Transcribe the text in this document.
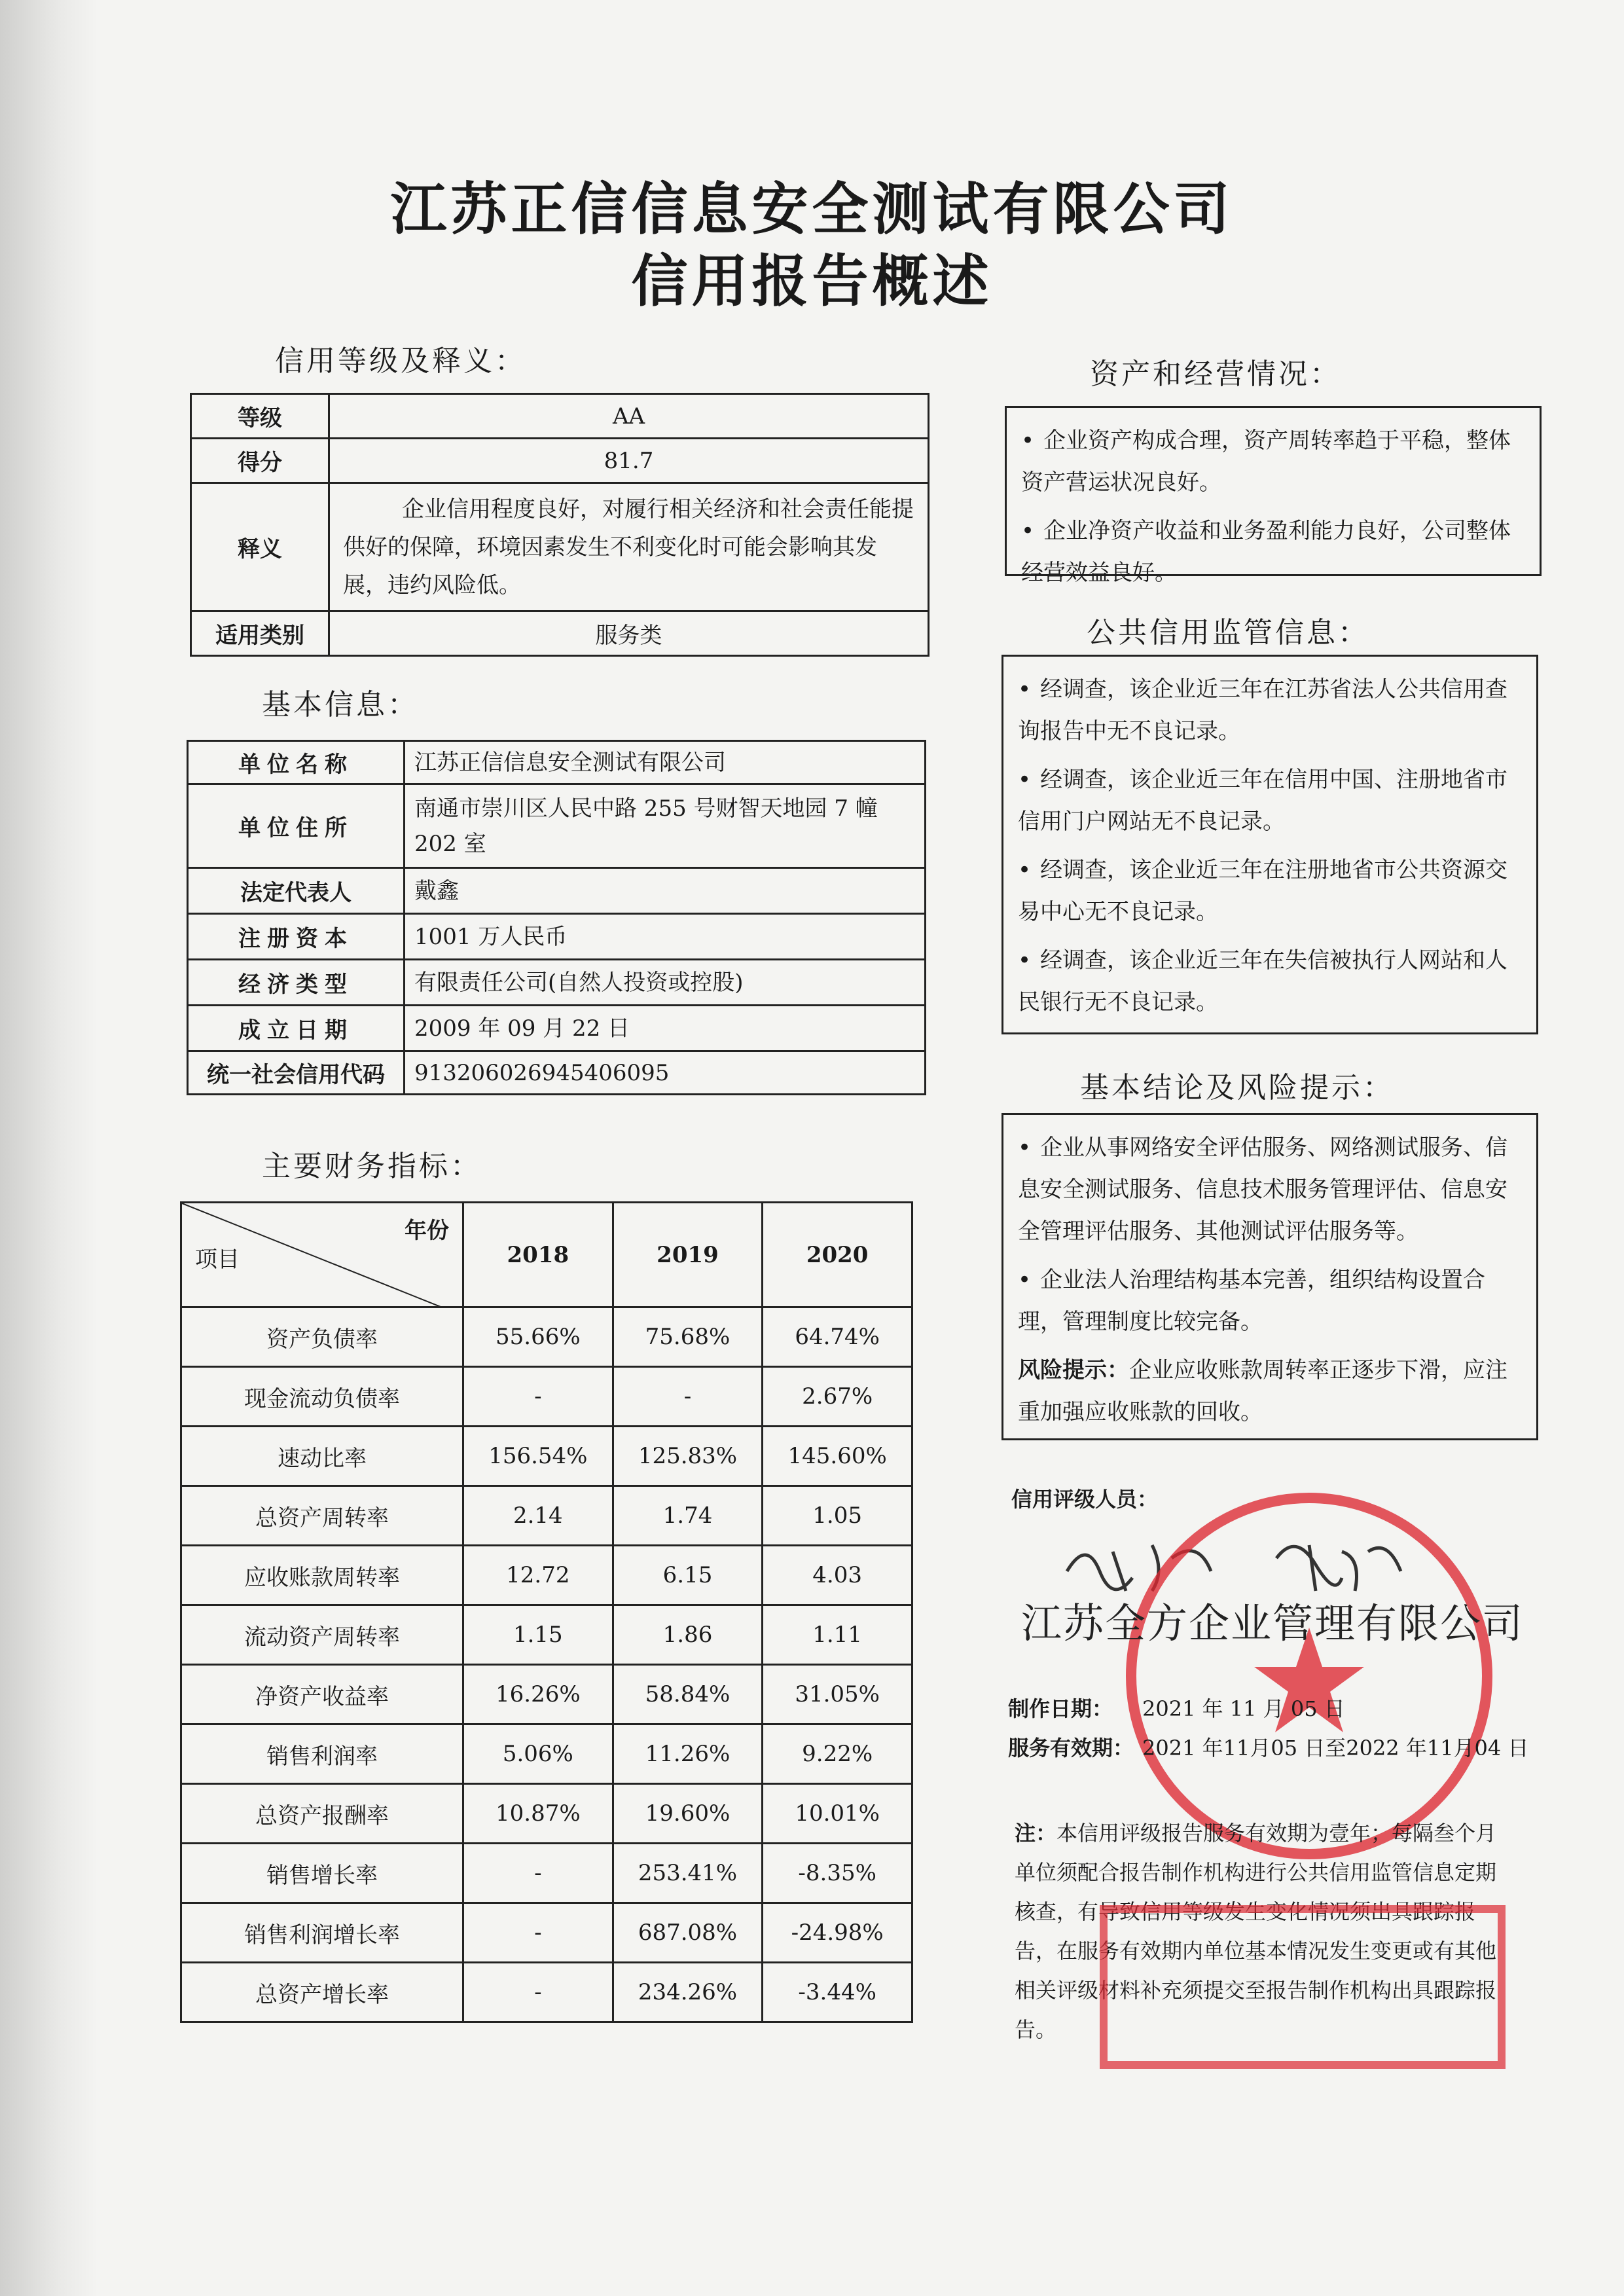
江苏正信信息安全测试有限公司
信用报告概述
信用等级及释义：
等级	AA
得分	81.7
释义	企业信用程度良好，对履行相关经济和社会责任能提供好的保障，环境因素发生不利变化时可能会影响其发展，违约风险低。
适用类别	服务类
基本信息：
单位名称	江苏正信信息安全测试有限公司
单位住所	南通市崇川区人民中路 255 号财智天地园 7 幢 202 室
法定代表人	戴鑫
注册资本	1001 万人民币
经济类型	有限责任公司(自然人投资或控股)
成立日期	2009 年 09 月 22 日
统一社会信用代码	913206026945406095
主要财务指标：
年份
项目	2018	2019	2020
资产负债率	55.66%	75.68%	64.74%
现金流动负债率	-	-	2.67%
速动比率	156.54%	125.83%	145.60%
总资产周转率	2.14	1.74	1.05
应收账款周转率	12.72	6.15	4.03
流动资产周转率	1.15	1.86	1.11
净资产收益率	16.26%	58.84%	31.05%
销售利润率	5.06%	11.26%	9.22%
总资产报酬率	10.87%	19.60%	10.01%
销售增长率	-	253.41%	-8.35%
销售利润增长率	-	687.08%	-24.98%
总资产增长率	-	234.26%	-3.44%
资产和经营情况：

• 企业资产构成合理，资产周转率趋于平稳，整体资产营运状况良好。

• 企业净资产收益和业务盈利能力良好，公司整体经营效益良好。

公共信用监管信息：

• 经调查，该企业近三年在江苏省法人公共信用查询报告中无不良记录。

• 经调查，该企业近三年在信用中国、注册地省市信用门户网站无不良记录。

• 经调查，该企业近三年在注册地省市公共资源交易中心无不良记录。

• 经调查，该企业近三年在失信被执行人网站和人民银行无不良记录。

基本结论及风险提示：

• 企业从事网络安全评估服务、网络测试服务、信息安全测试服务、信息技术服务管理评估、信息安全管理评估服务、其他测试评估服务等。

• 企业法人治理结构基本完善，组织结构设置合理，管理制度比较完备。

风险提示：企业应收账款周转率正逐步下滑，应注重加强应收账款的回收。

信用评级人员：
江苏全方企业管理有限公司
制作日期： 2021 年 11 月 05 日
服务有效期： 2021 年11月05 日至2022 年11月04 日
注：本信用评级报告服务有效期为壹年；每隔叁个月单位须配合报告制作机构进行公共信用监管信息定期核查，有导致信用等级发生变化情况须出具跟踪报告，在服务有效期内单位基本情况发生变更或有其他相关评级材料补充须提交至报告制作机构出具跟踪报告。
